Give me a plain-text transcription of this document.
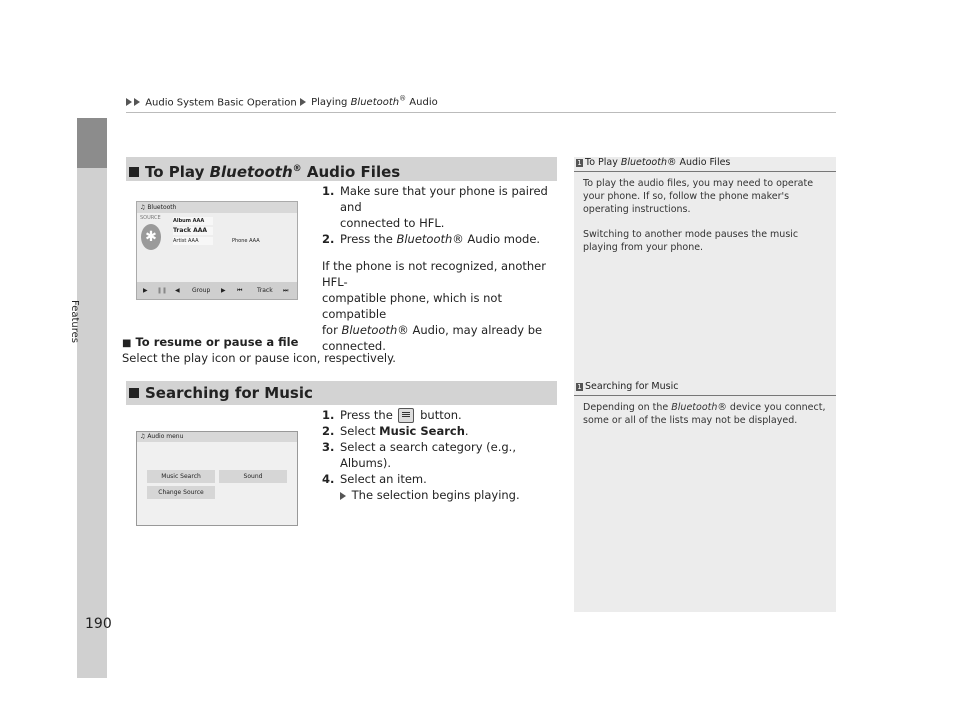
Audio System Basic Operation Playing Bluetooth® Audio
Features
190
To Play Bluetooth® Audio Files
♫ Bluetooth
SOURCE
✱
Album AAA
Track AAA
Artist AAA	Phone AAA
▶ ❚❚ ◀ Group ▶ ⏮ Track ⏭
1. Make sure that your phone is paired and
connected to HFL.
2. Press the Bluetooth® Audio mode.
If the phone is not recognized, another HFL-
compatible phone, which is not compatible
for Bluetooth® Audio, may already be
connected.
■ To resume or pause a file
Select the play icon or pause icon, respectively.
Searching for Music
♫ Audio menu
Music Search	Sound
Change Source
1. Press the  button.
2. Select Music Search.
3. Select a search category (e.g., Albums).
4. Select an item.
The selection begins playing.
1 To Play Bluetooth® Audio Files
To play the audio files, you may need to operate your phone. If so, follow the phone maker's operating instructions.
Switching to another mode pauses the music playing from your phone.
1 Searching for Music
Depending on the Bluetooth® device you connect, some or all of the lists may not be displayed.
